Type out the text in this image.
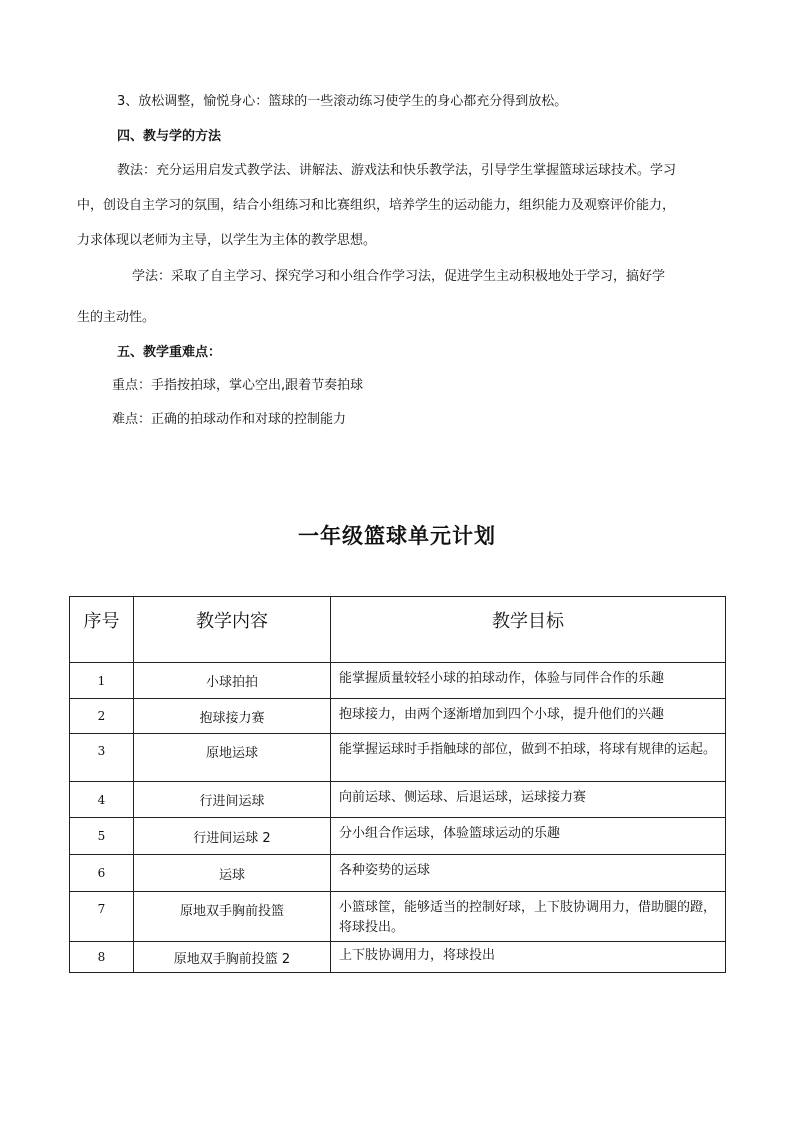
3、放松调整，愉悦身心：篮球的一些滚动练习使学生的身心都充分得到放松。
四、教与学的方法
教法：充分运用启发式教学法、讲解法、游戏法和快乐教学法，引导学生掌握篮球运球技术。学习
中，创设自主学习的氛围，结合小组练习和比赛组织，培养学生的运动能力，组织能力及观察评价能力，
力求体现以老师为主导，以学生为主体的教学思想。
学法：采取了自主学习、探究学习和小组合作学习法，促进学生主动积极地处于学习，搞好学
生的主动性。
五、教学重难点：
重点：手指按拍球，掌心空出,跟着节奏拍球
难点：正确的拍球动作和对球的控制能力
一年级篮球单元计划
序号	教学内容	教学目标
1	小球拍拍	能掌握质量较轻小球的拍球动作，体验与同伴合作的乐趣

2	抱球接力赛	抱球接力，由两个逐渐增加到四个小球，提升他们的兴趣

3	原地运球	能掌握运球时手指触球的部位，做到不拍球，将球有规律的运起。

4	行进间运球	向前运球、侧运球、后退运球，运球接力赛

5	行进间运球 2	分小组合作运球，体验篮球运动的乐趣

6	运球	各种姿势的运球

7	原地双手胸前投篮	小篮球筐，能够适当的控制好球，上下肢协调用力，借助腿的蹬，将球投出。

8	原地双手胸前投篮 2	上下肢协调用力，将球投出
